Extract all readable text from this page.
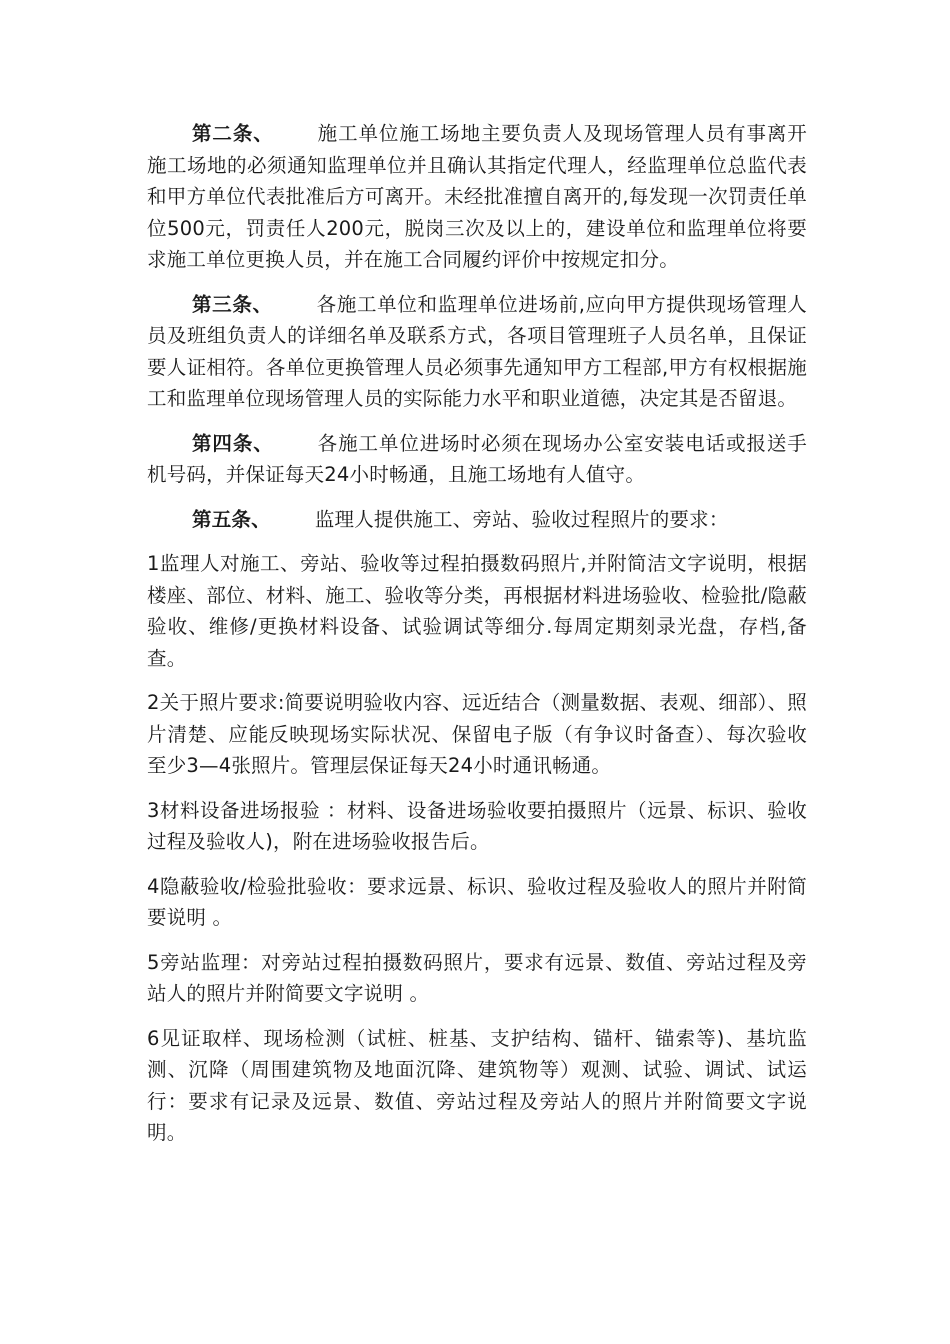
第二条、 施工单位施工场地主要负责人及现场管理人员有事离开施工场地的必须通知监理单位并且确认其指定代理人，经监理单位总监代表和甲方单位代表批准后方可离开。未经批准擅自离开的,每发现一次罚责任单位500元，罚责任人200元，脱岗三次及以上的，建设单位和监理单位将要求施工单位更换人员，并在施工合同履约评价中按规定扣分。

第三条、 各施工单位和监理单位进场前,应向甲方提供现场管理人员及班组负责人的详细名单及联系方式，各项目管理班子人员名单，且保证要人证相符。各单位更换管理人员必须事先通知甲方工程部,甲方有权根据施工和监理单位现场管理人员的实际能力水平和职业道德，决定其是否留退。

第四条、 各施工单位进场时必须在现场办公室安装电话或报送手机号码，并保证每天24小时畅通，且施工场地有人值守。

第五条、 监理人提供施工、旁站、验收过程照片的要求：

1监理人对施工、旁站、验收等过程拍摄数码照片,并附简洁文字说明，根据楼座、部位、材料、施工、验收等分类，再根据材料进场验收、检验批/隐蔽验收、维修/更换材料设备、试验调试等细分.每周定期刻录光盘，存档,备查。

2关于照片要求:简要说明验收内容、远近结合（测量数据、表观、细部）、照片清楚、应能反映现场实际状况、保留电子版（有争议时备查）、每次验收至少3—4张照片。管理层保证每天24小时通讯畅通。

3材料设备进场报验 ：材料、设备进场验收要拍摄照片（远景、标识、验收过程及验收人)，附在进场验收报告后。

4隐蔽验收/检验批验收：要求远景、标识、验收过程及验收人的照片并附简要说明 。

5旁站监理：对旁站过程拍摄数码照片，要求有远景、数值、旁站过程及旁站人的照片并附简要文字说明 。

6见证取样、现场检测（试桩、桩基、支护结构、锚杆、锚索等)、基坑监测、沉降（周围建筑物及地面沉降、建筑物等）观测、试验、调试、试运行：要求有记录及远景、数值、旁站过程及旁站人的照片并附简要文字说明。
